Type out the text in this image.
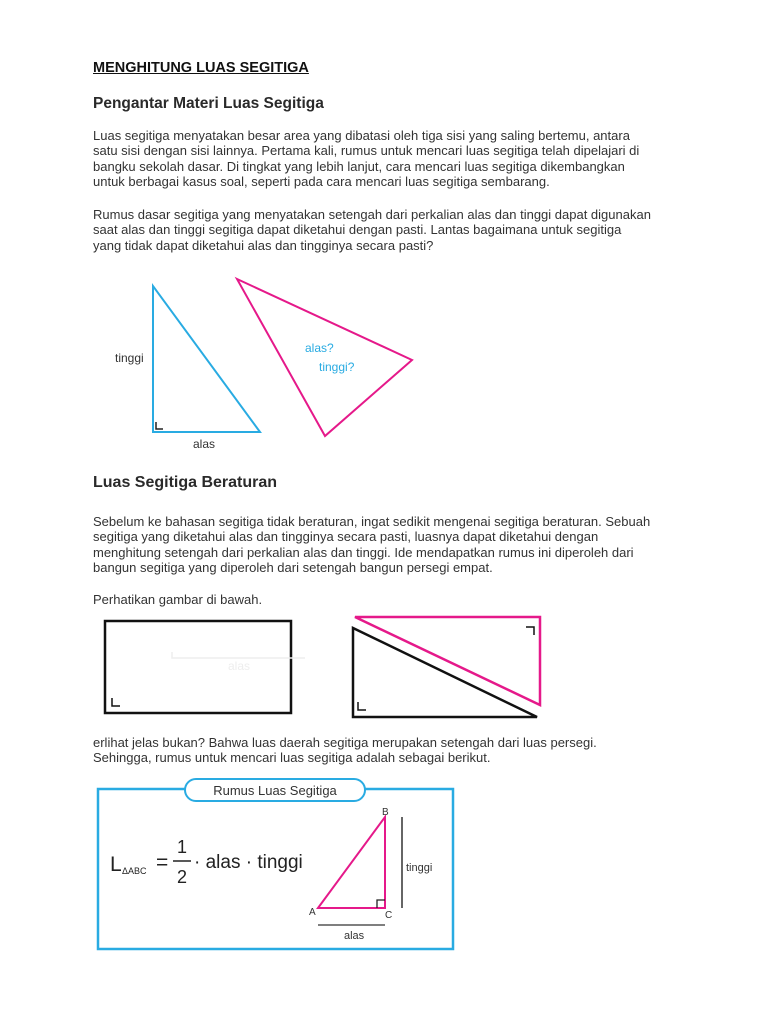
MENGHITUNG LUAS SEGITIGA
Pengantar Materi Luas Segitiga

Luas segitiga menyatakan besar area yang dibatasi oleh tiga sisi yang saling bertemu, antara
satu sisi dengan sisi lainnya. Pertama kali, rumus untuk mencari luas segitiga telah dipelajari di
bangku sekolah dasar. Di tingkat yang lebih lanjut, cara mencari luas segitiga dikembangkan
untuk berbagai kasus soal, seperti pada cara mencari luas segitiga sembarang.

Rumus dasar segitiga yang menyatakan setengah dari perkalian alas dan tinggi dapat digunakan
saat alas dan tinggi segitiga dapat diketahui dengan pasti. Lantas bagaimana untuk segitiga
yang tidak dapat diketahui alas dan tingginya secara pasti?

tinggi
alas
alas?
tinggi?
Luas Segitiga Beraturan

Sebelum ke bahasan segitiga tidak beraturan, ingat sedikit mengenai segitiga beraturan. Sebuah
segitiga yang diketahui alas dan tingginya secara pasti, luasnya dapat diketahui dengan
menghitung setengah dari perkalian alas dan tinggi. Ide mendapatkan rumus ini diperoleh dari
bangun segitiga yang diperoleh dari setengah bangun persegi empat.

Perhatikan gambar di bawah.

alas

erlihat jelas bukan? Bahwa luas daerah segitiga merupakan setengah dari luas persegi.
Sehingga, rumus untuk mencari luas segitiga adalah sebagai berikut.

Rumus Luas Segitiga
L ΔABC =
1
2
· alas · tinggi
A
B
C
tinggi
alas
